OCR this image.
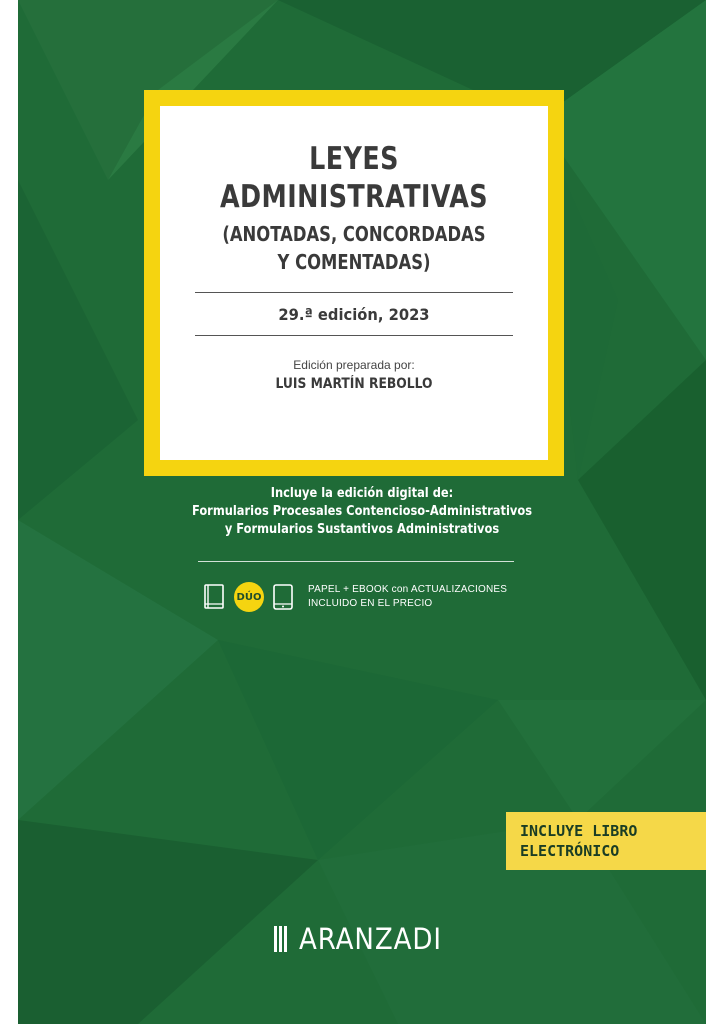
LEYES
ADMINISTRATIVAS
(ANOTADAS, CONCORDADAS
Y COMENTADAS)
29.ª edición, 2023
Edición preparada por:
LUIS MARTÍN REBOLLO
Incluye la edición digital de:
Formularios Procesales Contencioso-Administrativos
y Formularios Sustantivos Administrativos
DÚO
PAPEL + EBOOK con ACTUALIZACIONES
INCLUIDO EN EL PRECIO
INCLUYE LIBRO
ELECTRÓNICO
ARANZADI
